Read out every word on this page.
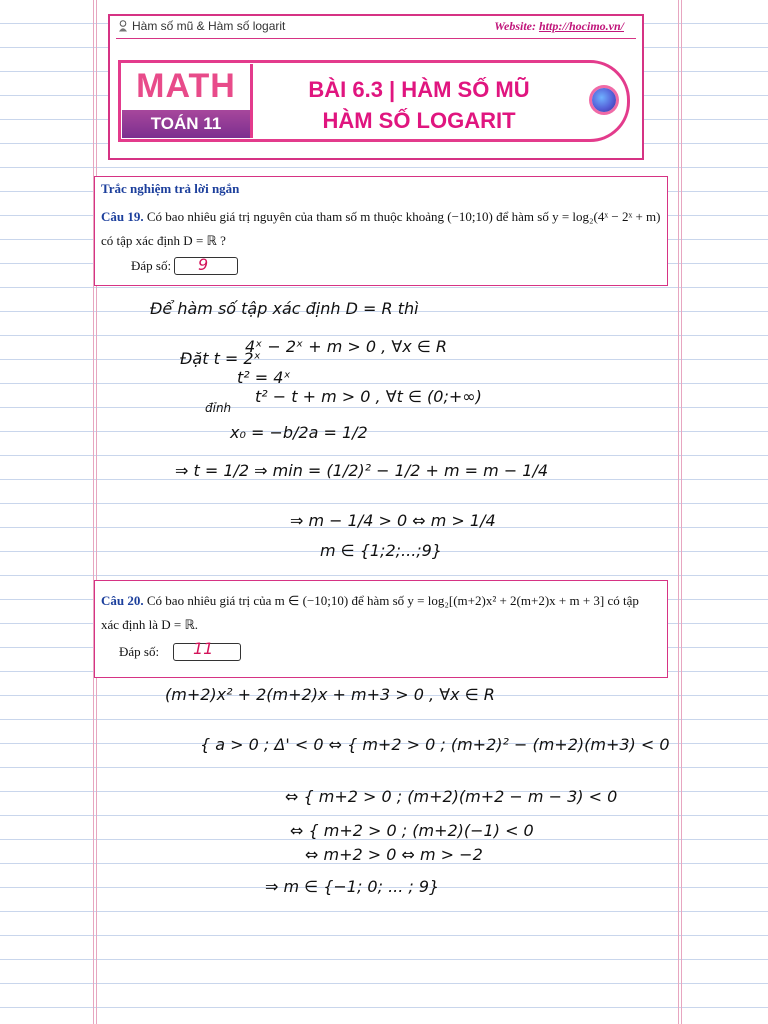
Hàm số mũ & Hàm số logarit	Website: http://hocimo.vn/
MATH
TOÁN 11
BÀI 6.3 | HÀM SỐ MŨ
HÀM SỐ LOGARIT
Trắc nghiệm trả lời ngắn
Câu 19. Có bao nhiêu giá trị nguyên của tham số m thuộc khoảng (−10;10) để hàm số y = log₂(4ˣ − 2ˣ + m)
có tập xác định D = ℝ ?
Đáp số: 9
Câu 20. Có bao nhiêu giá trị của m ∈ (−10;10) để hàm số y = log₂[(m+2)x² + 2(m+2)x + m + 3] có tập
xác định là D = ℝ.
Đáp số: 11
Để hàm số tập xác định D = R thì
4ˣ − 2ˣ + m > 0 , ∀x ∈ R
Đặt t = 2ˣ
t² = 4ˣ
t² − t + m > 0 , ∀t ∈ (0;+∞)
đỉnh
x₀ = −b/2a = 1/2
⇒ t = 1/2 ⇒ min = (1/2)² − 1/2 + m = m − 1/4
⇒ m − 1/4 > 0 ⇔ m > 1/4
m ∈ {1;2;...;9}
(m+2)x² + 2(m+2)x + m+3 > 0 , ∀x ∈ R
{ a > 0 ; Δ' < 0 ⇔ { m+2 > 0 ; (m+2)² − (m+2)(m+3) < 0
⇔ { m+2 > 0 ; (m+2)(m+2 − m − 3) < 0
⇔ { m+2 > 0 ; (m+2)(−1) < 0
⇔ m+2 > 0 ⇔ m > −2
⇒ m ∈ {−1; 0; ... ; 9}
